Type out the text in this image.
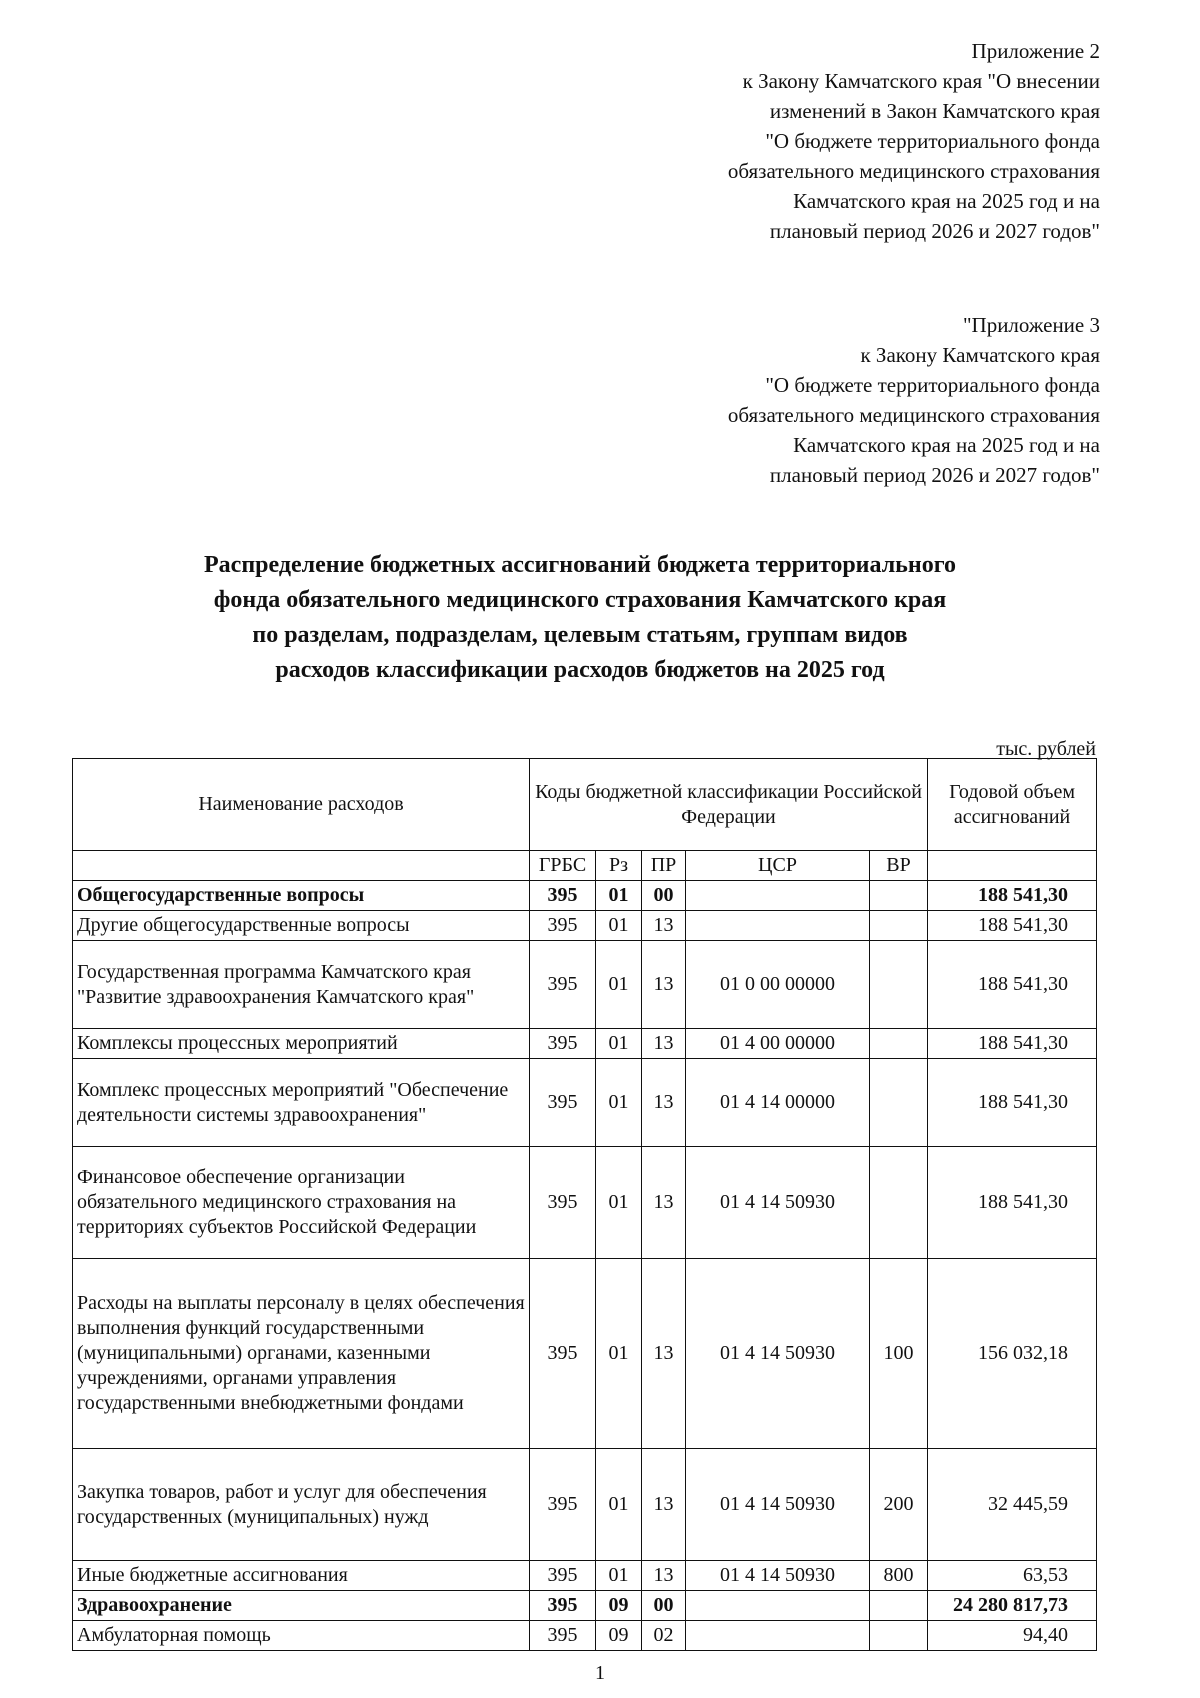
Приложение 2
к Закону Камчатского края "О внесении
изменений в Закон Камчатского края
"О бюджете территориального фонда
обязательного медицинского страхования
Камчатского края на 2025 год и на
плановый период 2026 и 2027 годов"
"Приложение 3
к Закону Камчатского края
"О бюджете территориального фонда
обязательного медицинского страхования
Камчатского края на 2025 год и на
плановый период 2026 и 2027 годов"
Распределение бюджетных ассигнований бюджета территориального
фонда обязательного медицинского страхования Камчатского края
по разделам, подразделам, целевым статьям, группам видов
расходов классификации расходов бюджетов на 2025 год
тыс. рублей
Наименование расходов	Коды бюджетной классификации Российской Федерации					Годовой объем ассигнований
	ГРБС	Рз	ПР	ЦСР	ВР	
Общегосударственные вопросы	395	01	00			188 541,30
Другие общегосударственные вопросы	395	01	13			188 541,30
Государственная программа Камчатского края "Развитие здравоохранения Камчатского края"	395	01	13	01 0 00 00000		188 541,30
Комплексы процессных мероприятий	395	01	13	01 4 00 00000		188 541,30
Комплекс процессных мероприятий "Обеспечение деятельности системы здравоохранения"	395	01	13	01 4 14 00000		188 541,30
Финансовое обеспечение организации обязательного медицинского страхования на территориях субъектов Российской Федерации	395	01	13	01 4 14 50930		188 541,30
Расходы на выплаты персоналу в целях обеспечения выполнения функций государственными (муниципальными) органами, казенными учреждениями, органами управления государственными внебюджетными фондами	395	01	13	01 4 14 50930	100	156 032,18
Закупка товаров, работ и услуг для обеспечения государственных (муниципальных) нужд	395	01	13	01 4 14 50930	200	32 445,59
Иные бюджетные ассигнования	395	01	13	01 4 14 50930	800	63,53
Здравоохранение	395	09	00			24 280 817,73
Амбулаторная помощь	395	09	02			94,40
1
